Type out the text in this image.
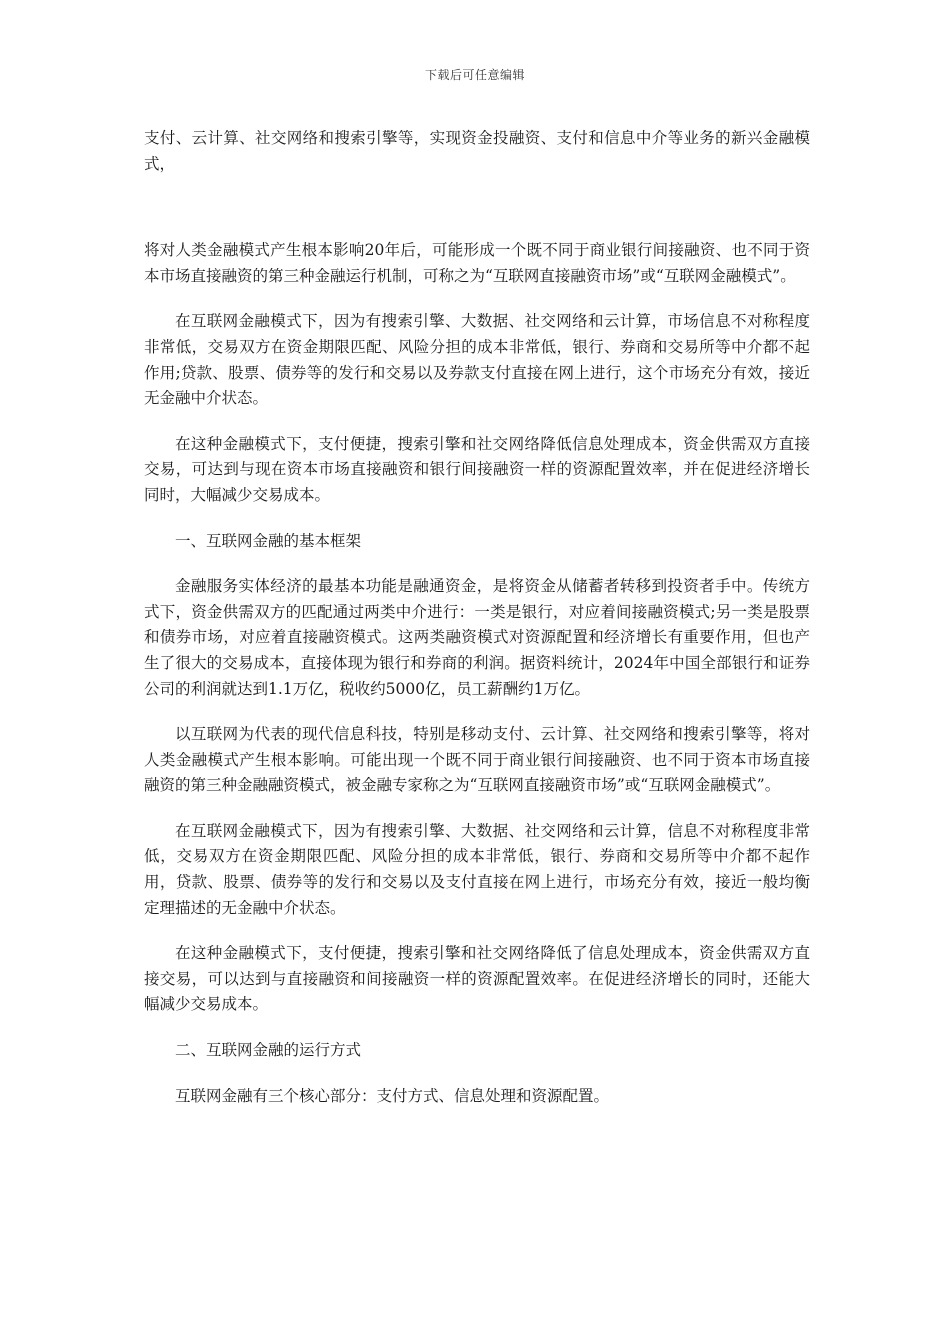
下载后可任意编辑

支付、云计算、社交网络和搜索引擎等，实现资金投融资、支付和信息中介等业务的新兴金融模式，

将对人类金融模式产生根本影响20年后，可能形成一个既不同于商业银行间接融资、也不同于资本市场直接融资的第三种金融运行机制，可称之为“互联网直接融资市场”或“互联网金融模式”。

在互联网金融模式下，因为有搜索引擎、大数据、社交网络和云计算，市场信息不对称程度非常低，交易双方在资金期限匹配、风险分担的成本非常低，银行、券商和交易所等中介都不起作用;贷款、股票、债券等的发行和交易以及券款支付直接在网上进行，这个市场充分有效，接近无金融中介状态。

在这种金融模式下，支付便捷，搜索引擎和社交网络降低信息处理成本，资金供需双方直接交易，可达到与现在资本市场直接融资和银行间接融资一样的资源配置效率，并在促进经济增长同时，大幅减少交易成本。

一、互联网金融的基本框架

金融服务实体经济的最基本功能是融通资金，是将资金从储蓄者转移到投资者手中。传统方式下，资金供需双方的匹配通过两类中介进行：一类是银行，对应着间接融资模式;另一类是股票和债券市场，对应着直接融资模式。这两类融资模式对资源配置和经济增长有重要作用，但也产生了很大的交易成本，直接体现为银行和券商的利润。据资料统计，2024年中国全部银行和证券公司的利润就达到1.1万亿，税收约5000亿，员工薪酬约1万亿。

以互联网为代表的现代信息科技，特别是移动支付、云计算、社交网络和搜索引擎等，将对人类金融模式产生根本影响。可能出现一个既不同于商业银行间接融资、也不同于资本市场直接融资的第三种金融融资模式，被金融专家称之为“互联网直接融资市场”或“互联网金融模式”。

在互联网金融模式下，因为有搜索引擎、大数据、社交网络和云计算，信息不对称程度非常低，交易双方在资金期限匹配、风险分担的成本非常低，银行、券商和交易所等中介都不起作用，贷款、股票、债券等的发行和交易以及支付直接在网上进行，市场充分有效，接近一般均衡定理描述的无金融中介状态。

在这种金融模式下，支付便捷，搜索引擎和社交网络降低了信息处理成本，资金供需双方直接交易，可以达到与直接融资和间接融资一样的资源配置效率。在促进经济增长的同时，还能大幅减少交易成本。

二、互联网金融的运行方式

互联网金融有三个核心部分：支付方式、信息处理和资源配置。
